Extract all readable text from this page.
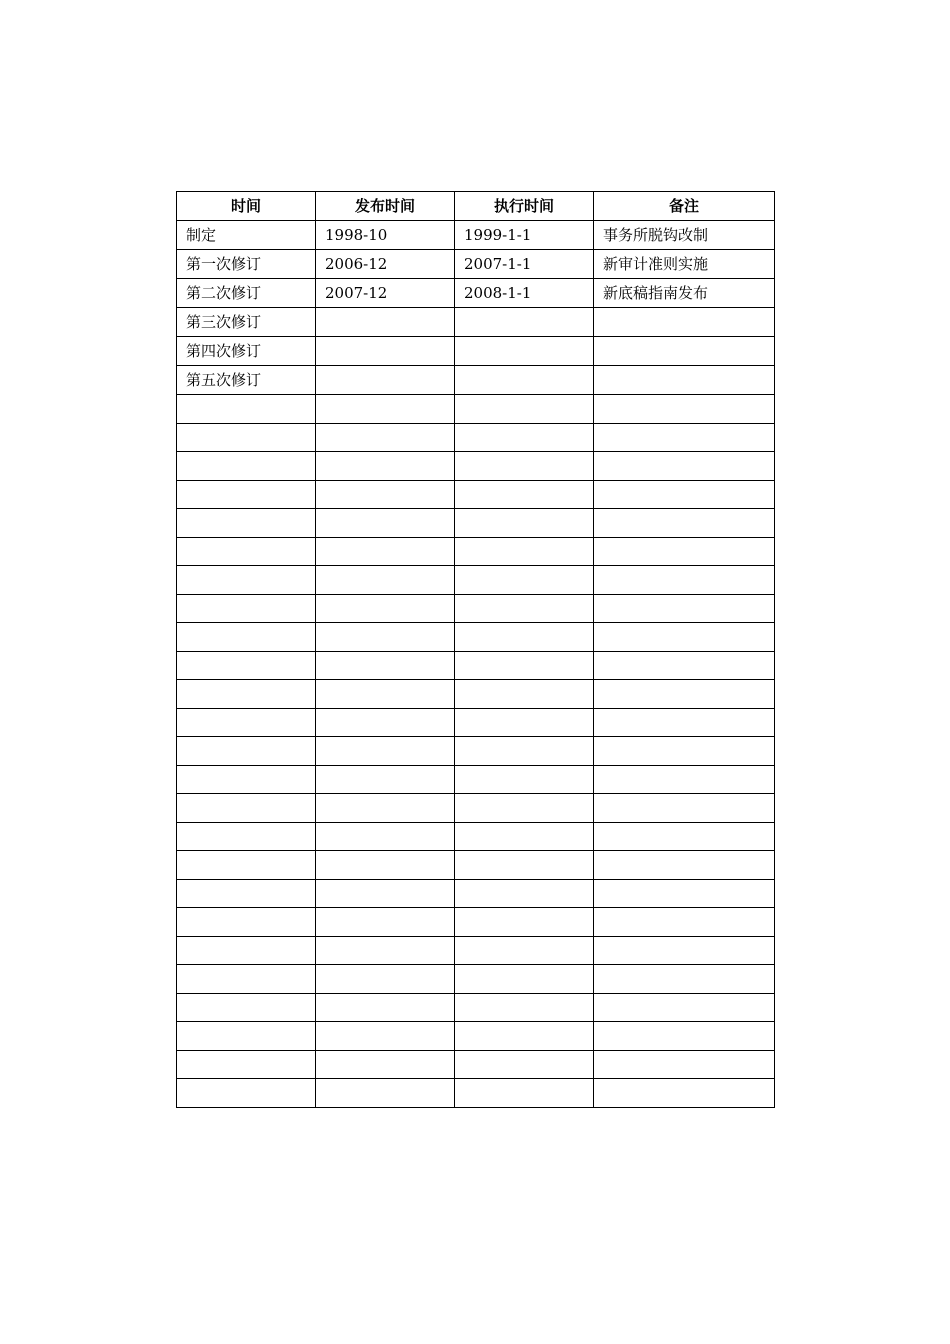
时间	发布时间	执行时间	备注
制定	1998-10	1999-1-1	事务所脱钩改制
第一次修订	2006-12	2007-1-1	新审计准则实施
第二次修订	2007-12	2008-1-1	新底稿指南发布
第三次修订			
第四次修订			
第五次修订			
